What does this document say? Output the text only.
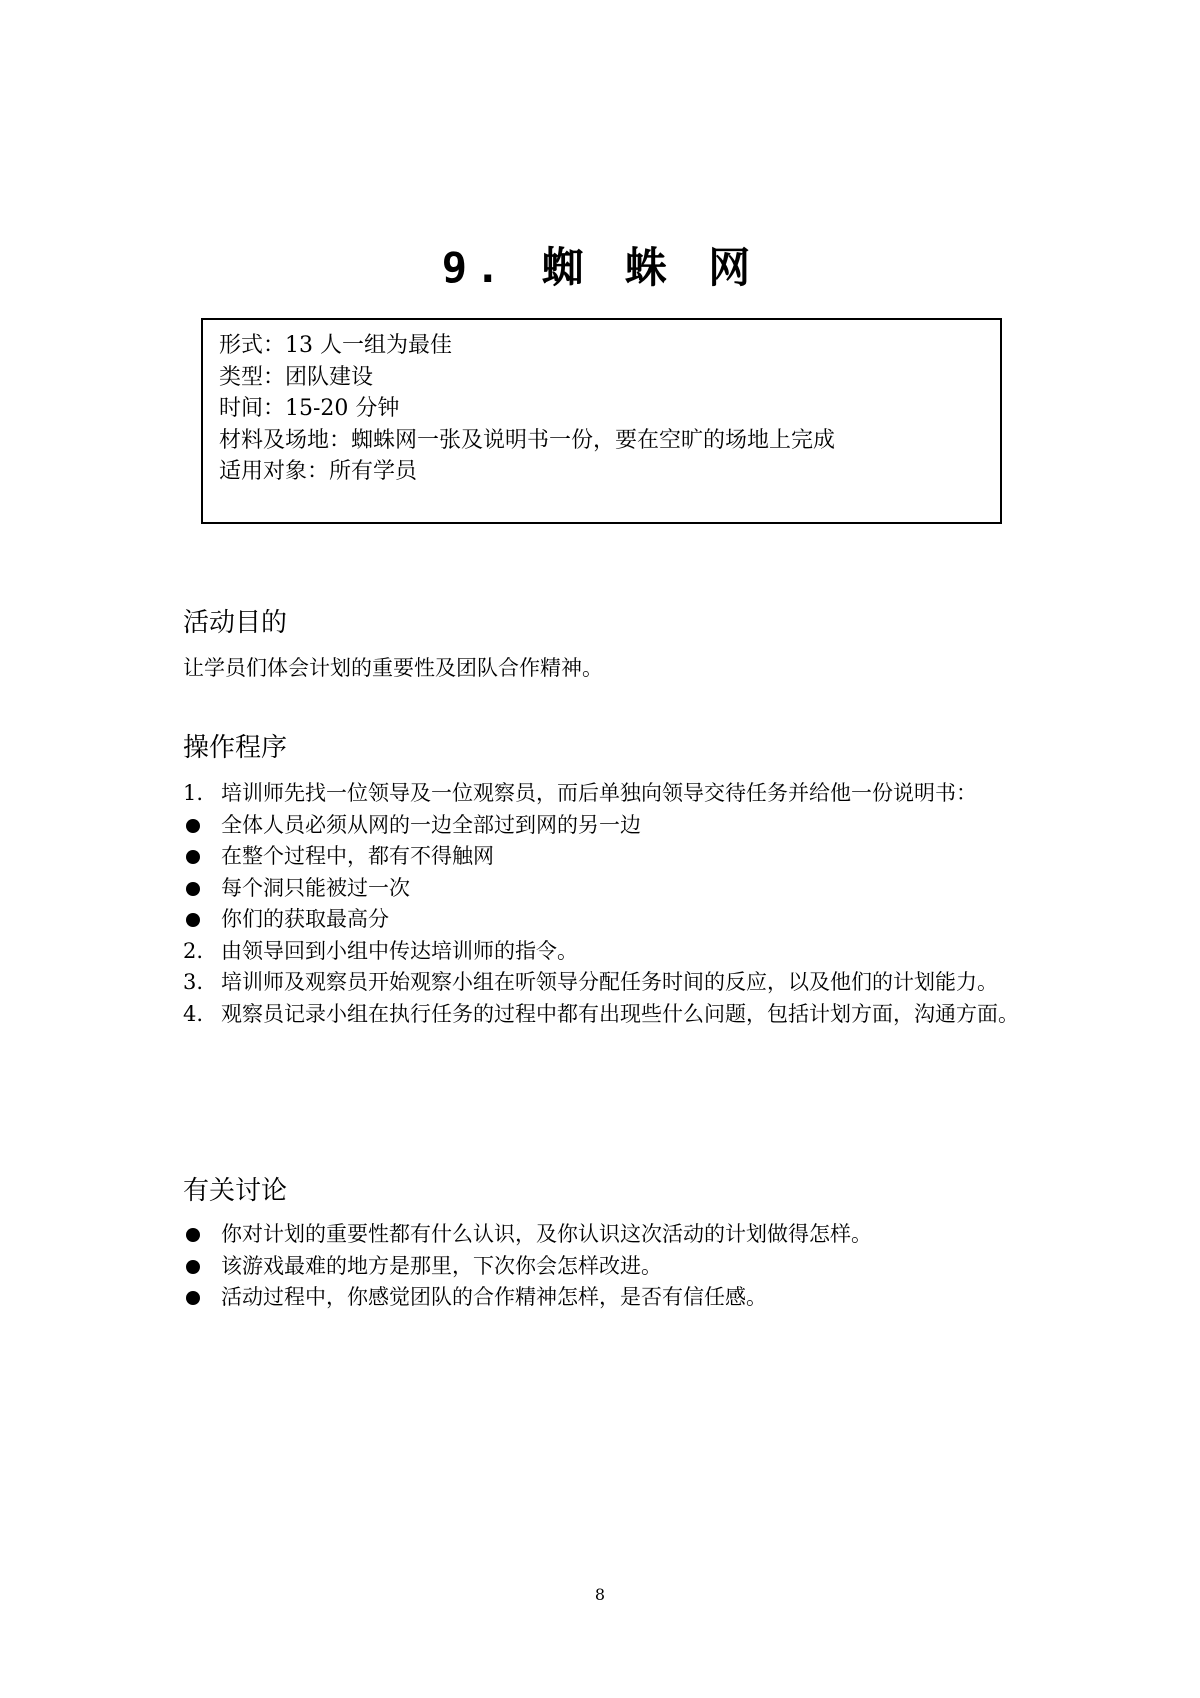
9. 蜘 蛛 网
形式：13 人一组为最佳
类型：团队建设
时间：15-20 分钟
材料及场地：蜘蛛网一张及说明书一份，要在空旷的场地上完成
适用对象：所有学员
活动目的

让学员们体会计划的重要性及团队合作精神。

操作程序
1. 培训师先找一位领导及一位观察员，而后单独向领导交待任务并给他一份说明书：
全体人员必须从网的一边全部过到网的另一边
在整个过程中，都有不得触网
每个洞只能被过一次
你们的获取最高分
2. 由领导回到小组中传达培训师的指令。
3. 培训师及观察员开始观察小组在听领导分配任务时间的反应，以及他们的计划能力。
4. 观察员记录小组在执行任务的过程中都有出现些什么问题，包括计划方面，沟通方面。
有关讨论
你对计划的重要性都有什么认识，及你认识这次活动的计划做得怎样。
该游戏最难的地方是那里，下次你会怎样改进。
活动过程中，你感觉团队的合作精神怎样，是否有信任感。
8
